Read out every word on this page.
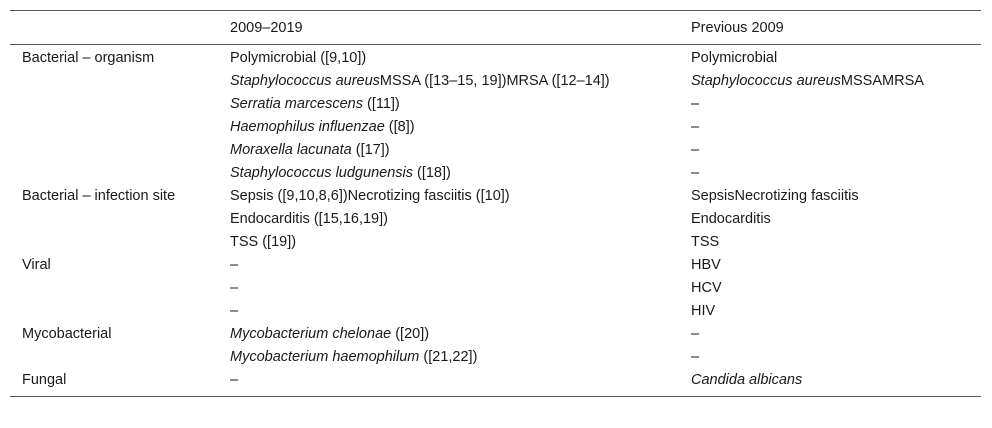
	2009–2019	Previous 2009
Bacterial – organism	Polymicrobial ([9,10])	Polymicrobial
	Staphylococcus aureusMSSA ([13–15, 19])MRSA ([12–14])	Staphylococcus aureusMSSAMRSA
	Serratia marcescens ([11])	–
	Haemophilus influenzae ([8])	–
	Moraxella lacunata ([17])	–
	Staphylococcus ludgunensis ([18])	–
Bacterial – infection site	Sepsis ([9,10,8,6])Necrotizing fasciitis ([10])	SepsisNecrotizing fasciitis
	Endocarditis ([15,16,19])	Endocarditis
	TSS ([19])	TSS
Viral	–	HBV
	–	HCV
	–	HIV
Mycobacterial	Mycobacterium chelonae ([20])	–
	Mycobacterium haemophilum ([21,22])	–
Fungal	–	Candida albicans
